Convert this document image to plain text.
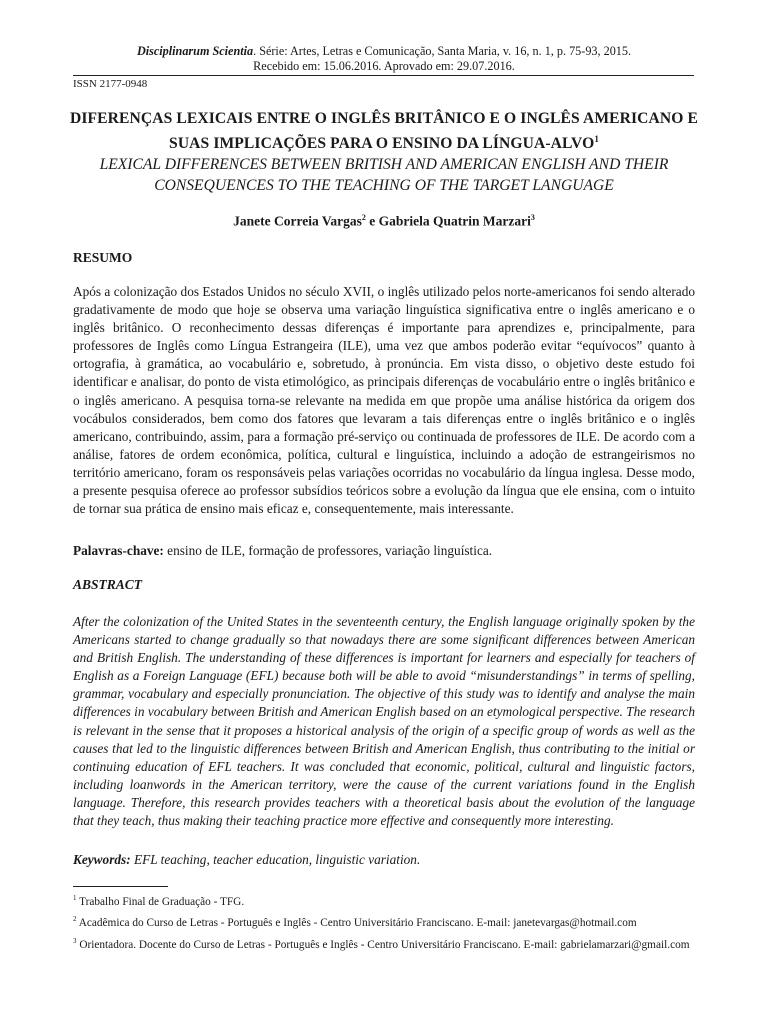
Disciplinarum Scientia. Série: Artes, Letras e Comunicação, Santa Maria, v. 16, n. 1, p. 75-93, 2015.
Recebido em: 15.06.2016. Aprovado em: 29.07.2016.
ISSN 2177-0948
DIFERENÇAS LEXICAIS ENTRE O INGLÊS BRITÂNICO E O INGLÊS AMERICANO E SUAS IMPLICAÇÕES PARA O ENSINO DA LÍNGUA-ALVO$^1$
LEXICAL DIFFERENCES BETWEEN BRITISH AND AMERICAN ENGLISH AND THEIR CONSEQUENCES TO THE TEACHING OF THE TARGET LANGUAGE
Janete Correia Vargas$^2$ e Gabriela Quatrin Marzari$^3$
RESUMO
Após a colonização dos Estados Unidos no século XVII, o inglês utilizado pelos norte-americanos foi sendo alterado gradativamente de modo que hoje se observa uma variação linguística significativa entre o inglês americano e o inglês britânico. O reconhecimento dessas diferenças é importante para aprendizes e, principalmente, para professores de Inglês como Língua Estrangeira (ILE), uma vez que ambos poderão evitar “equívocos” quanto à ortografia, à gramática, ao vocabulário e, sobretudo, à pronúncia. Em vista disso, o objetivo deste estudo foi identificar e analisar, do ponto de vista etimológico, as principais diferenças de vocabulário entre o inglês britânico e o inglês americano. A pesquisa torna-se relevante na medida em que propõe uma análise histórica da origem dos vocábulos considerados, bem como dos fatores que levaram a tais diferenças entre o inglês britânico e o inglês americano, contribuindo, assim, para a formação pré-serviço ou continuada de professores de ILE. De acordo com a análise, fatores de ordem econômica, política, cultural e linguística, incluindo a adoção de estrangeirismos no território americano, foram os responsáveis pelas variações ocorridas no vocabulário da língua inglesa. Desse modo, a presente pesquisa oferece ao professor subsídios teóricos sobre a evolução da língua que ele ensina, com o intuito de tornar sua prática de ensino mais eficaz e, consequentemente, mais interessante.
Palavras-chave: ensino de ILE, formação de professores, variação linguística.
ABSTRACT
After the colonization of the United States in the seventeenth century, the English language originally spoken by the Americans started to change gradually so that nowadays there are some significant differences between American and British English. The understanding of these differences is important for learners and especially for teachers of English as a Foreign Language (EFL) because both will be able to avoid “misunderstandings” in terms of spelling, grammar, vocabulary and especially pronunciation. The objective of this study was to identify and analyse the main differences in vocabulary between British and American English based on an etymological perspective. The research is relevant in the sense that it proposes a historical analysis of the origin of a specific group of words as well as the causes that led to the linguistic differences between British and American English, thus contributing to the initial or continuing education of EFL teachers. It was concluded that economic, political, cultural and linguistic factors, including loanwords in the American territory, were the cause of the current variations found in the English language. Therefore, this research provides teachers with a theoretical basis about the evolution of the language that they teach, thus making their teaching practice more effective and consequently more interesting.
Keywords: EFL teaching, teacher education, linguistic variation.
$^1$ Trabalho Final de Graduação - TFG.
$^2$ Acadêmica do Curso de Letras - Português e Inglês - Centro Universitário Franciscano. E-mail: janetevargas@hotmail.com
$^3$ Orientadora. Docente do Curso de Letras - Português e Inglês - Centro Universitário Franciscano. E-mail: gabrielamarzari@gmail.com
